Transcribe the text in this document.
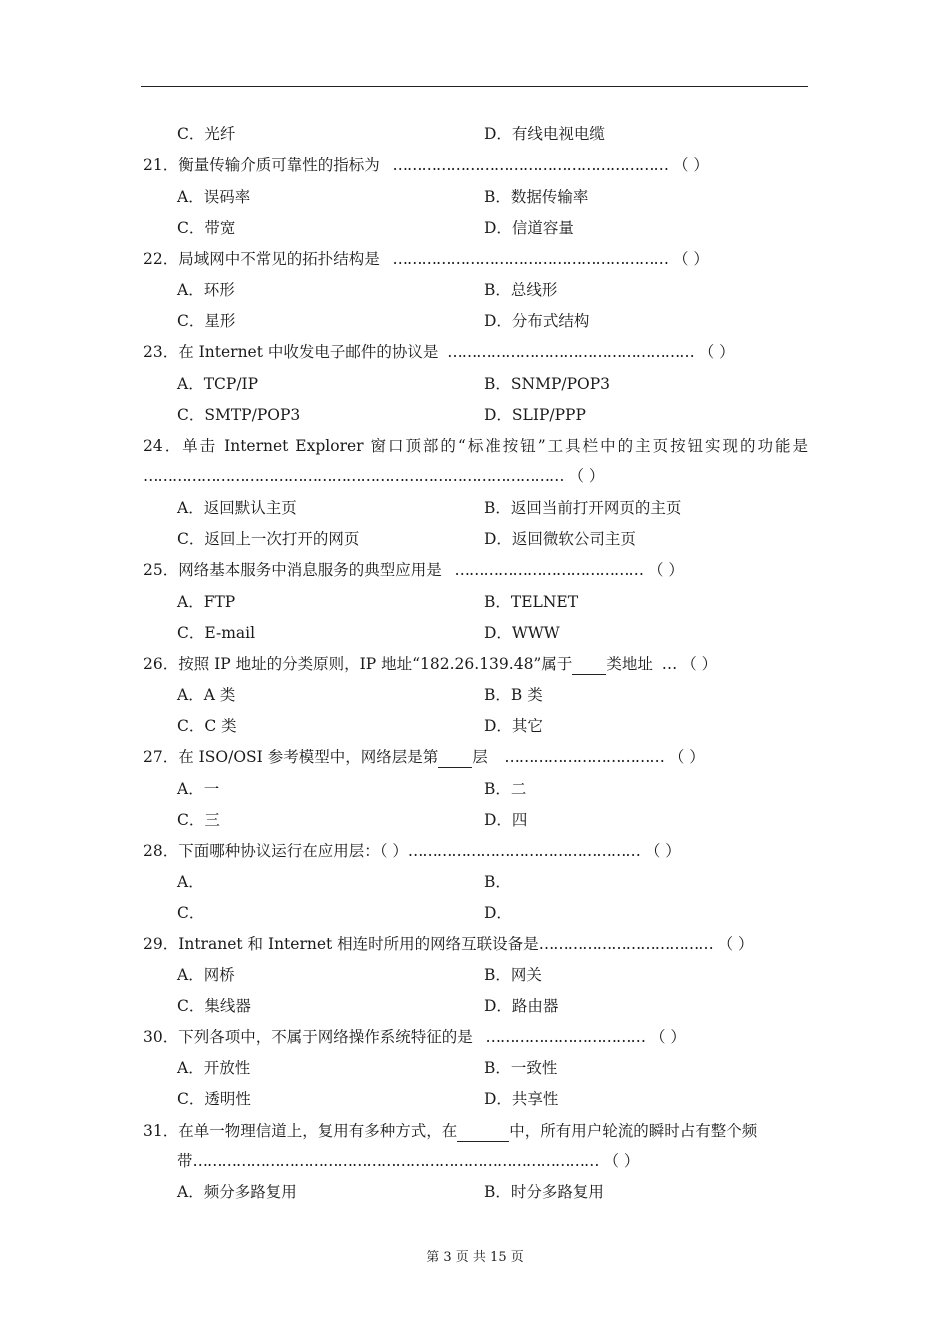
C．光纤	D．有线电视电缆
21．衡量传输介质可靠性的指标为   ………………………………………………… （ ）
A．误码率	B．数据传输率
C．带宽	D．信道容量
22．局域网中不常见的拓扑结构是   ………………………………………………… （ ）
A．环形	B．总线形
C．星形	D．分布式结构
23．在 Internet 中收发电子邮件的协议是  …………………………………………… （ ）
A．TCP/IP	B．SNMP/POP3
C．SMTP/POP3	D．SLIP/PPP
24．单击 Internet Explorer 窗口顶部的“标准按钮”工具栏中的主页按钮实现的功能是
…………………………………………………………………………… （ ）
A．返回默认主页	B．返回当前打开网页的主页
C．返回上一次打开的网页	D．返回微软公司主页
25．网络基本服务中消息服务的典型应用是   ………………………………… （ ）
A．FTP	B．TELNET
C．E-mail	D．WWW
26．按照 IP 地址的分类原则，IP 地址“182.26.139.48”属于 类地址  … （ ）
A．A 类	B．B 类
C．C 类	D．其它
27．在 ISO/OSI 参考模型中，网络层是第 层    …………………………… （ ）
A．一	B．二
C．三	D．四
28．下面哪种协议运行在应用层：（ ）………………………………………… （ ）
A．	B．
C．	D．
29．Intranet 和 Internet 相连时所用的网络互联设备是……………………………… （ ）
A．网桥	B．网关
C．集线器	D．路由器
30．下列各项中，不属于网络操作系统特征的是   …………………………… （ ）
A．开放性	B．一致性
C．透明性	D．共享性
31．在单一物理信道上，复用有多种方式，在	中，所有用户轮流的瞬时占有整个频
带………………………………………………………………………… （ ）
A．频分多路复用	B．时分多路复用
第 3 页 共 15 页
